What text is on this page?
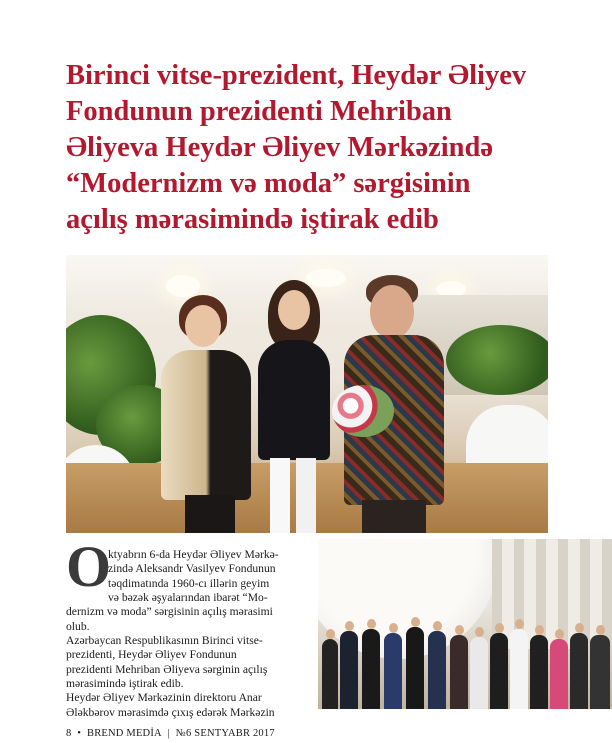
Birinci vitse-prezident, Heydər Əliyev
Fondunun prezidenti Mehriban
Əliyeva Heydər Əliyev Mərkəzində
“Modernizm və moda” sərgisinin
açılış mərasimində iştirak edib
O
ktyabrın 6-da Heydər Əliyev Mərkə-
zində Aleksandr Vasilyev Fondunun
təqdimatında 1960-cı illərin geyim
və bəzək əşyalarından ibarət “Mo-
dernizm və moda” sərgisinin açılış mərasimi
olub.
Azərbaycan Respublikasının Birinci vitse-
prezidenti, Heydər Əliyev Fondunun
prezidenti Mehriban Əliyeva sərginin açılış
mərasimində iştirak edib.
Heydər Əliyev Mərkəzinin direktoru Anar
Ələkbərov mərasimdə çıxış edərək Mərkəzin
8 • BREND MEDİA | №6 SENTYABR 2017
